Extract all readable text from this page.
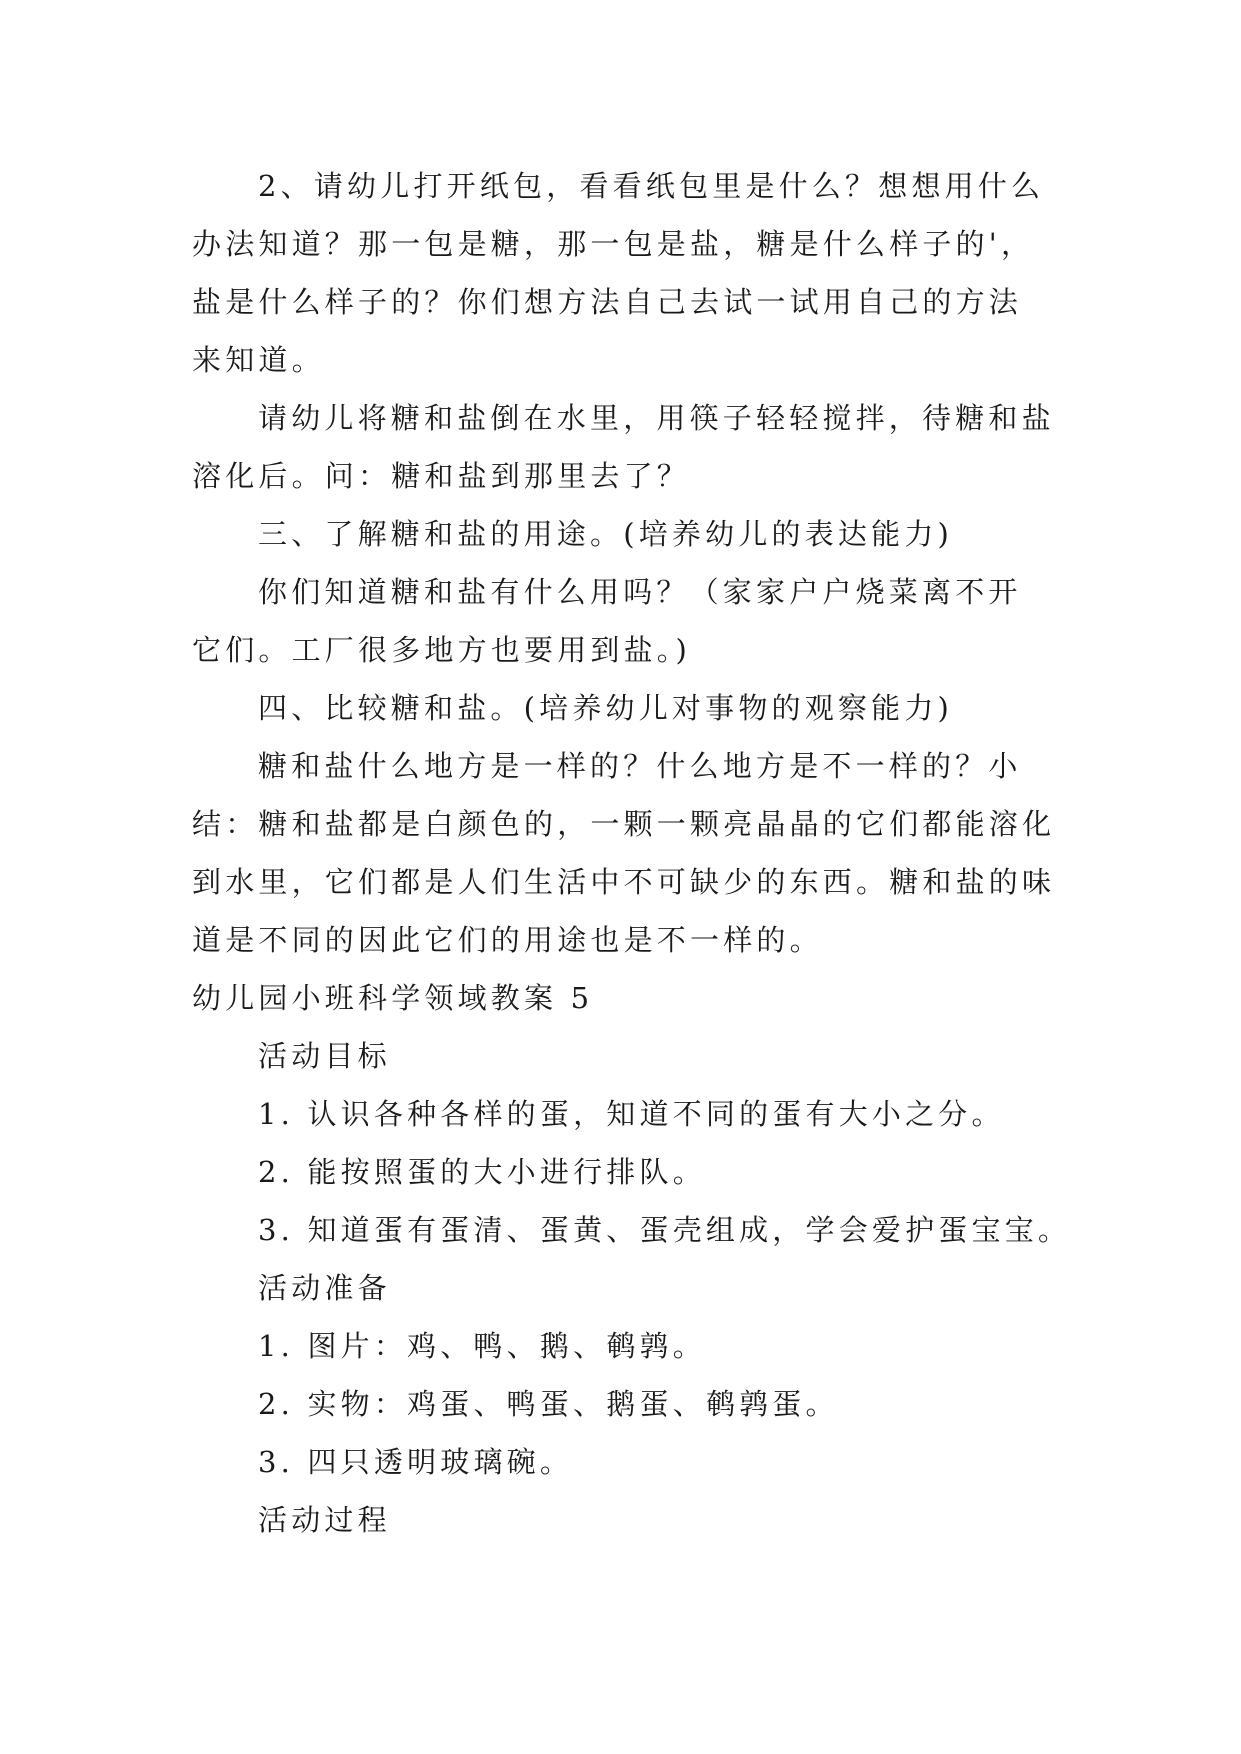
2、请幼儿打开纸包，看看纸包里是什么？想想用什么
办法知道？那一包是糖，那一包是盐，糖是什么样子的'，
盐是什么样子的？你们想方法自己去试一试用自己的方法
来知道。
请幼儿将糖和盐倒在水里，用筷子轻轻搅拌，待糖和盐
溶化后。问：糖和盐到那里去了？
三、了解糖和盐的用途。(培养幼儿的表达能力)
你们知道糖和盐有什么用吗？（家家户户烧菜离不开
它们。工厂很多地方也要用到盐。)
四、比较糖和盐。(培养幼儿对事物的观察能力)
糖和盐什么地方是一样的？什么地方是不一样的？小
结：糖和盐都是白颜色的，一颗一颗亮晶晶的它们都能溶化
到水里，它们都是人们生活中不可缺少的东西。糖和盐的味
道是不同的因此它们的用途也是不一样的。
幼儿园小班科学领域教案 5
活动目标
1. 认识各种各样的蛋，知道不同的蛋有大小之分。
2. 能按照蛋的大小进行排队。
3. 知道蛋有蛋清、蛋黄、蛋壳组成，学会爱护蛋宝宝。
活动准备
1. 图片：鸡、鸭、鹅、鹌鹑。
2. 实物：鸡蛋、鸭蛋、鹅蛋、鹌鹑蛋。
3. 四只透明玻璃碗。
活动过程
